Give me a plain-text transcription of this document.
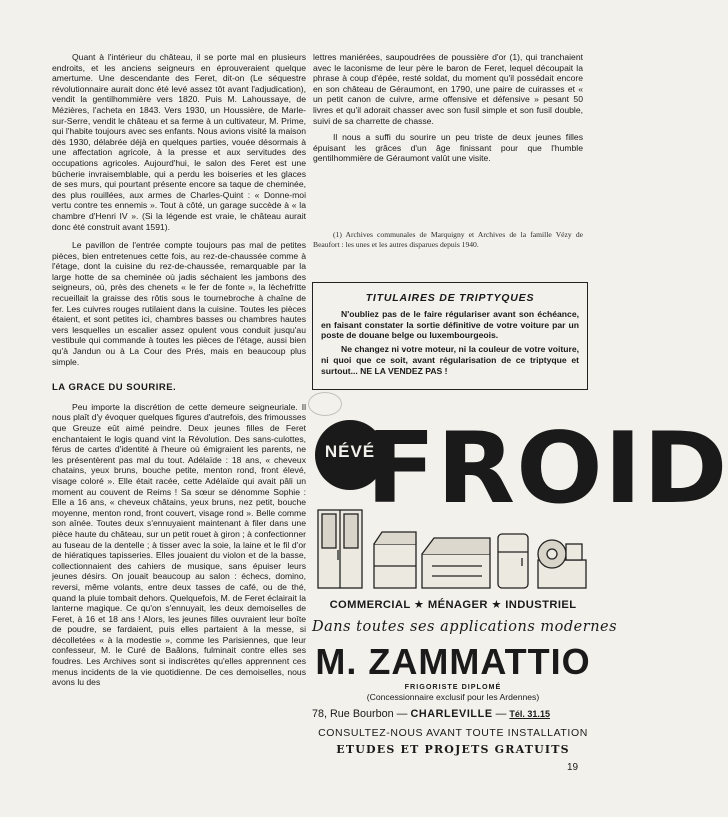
Quant à l'intérieur du château, il se porte mal en plusieurs endroits, et les anciens seigneurs en éprouveraient quelque amertume. Une descendante des Feret, dit-on (Le séquestre révolutionnaire aurait donc été levé assez tôt avant l'adjudication), vendit la gentilhommière vers 1820. Puis M. Lahoussaye, de Mézières, l'acheta en 1843. Vers 1930, un Houssière, de Marle-sur-Serre, vendit le château et sa ferme à un cultivateur, M. Prime, qui l'habite toujours avec ses enfants. Nous avions visité la maison dès 1930, délabrée déjà en quelques parties, vouée désormais à une affectation agricole, à la presse et aux servitudes des occupations agricoles. Aujourd'hui, le salon des Feret est une bûcherie invraisemblable, qui a perdu les boiseries et les glaces de ses murs, qui pourtant présente encore sa taque de cheminée, des plus rouillées, aux armes de Charles-Quint : « Donne-moi vertu contre tes ennemis ». Tout à côté, un garage succède à « la chambre d'Henri IV ». (Si la légende est vraie, le château aurait donc été construit avant 1591).

Le pavillon de l'entrée compte toujours pas mal de petites pièces, bien entretenues cette fois, au rez-de-chaussée comme à l'étage, dont la cuisine du rez-de-chaussée, remarquable par la large hotte de sa cheminée où jadis séchaient les jambons des seigneurs, où, près des chenets « le fer de fonte », la lèchefritte recueillait la graisse des rôtis sous le tournebroche à chaîne de fer. Les cuivres rouges rutilaient dans la cuisine. Toutes les pièces étaient, et sont petites ici, chambres basses ou chambres hautes vers lesquelles un escalier assez opulent vous conduit jusqu'au vestibule qui commande à toutes les pièces de l'étage, aussi bien qu'à Jandun ou à La Cour des Prés, mais en beaucoup plus simple.

LA GRACE DU SOURIRE.

Peu importe la discrétion de cette demeure seigneuriale. Il nous plaît d'y évoquer quelques figures d'autrefois, des frimousses que Greuze eût aimé peindre. Deux jeunes filles de Feret enchantaient le logis quand vint la Révolution. Des sans-culottes, férus de cartes d'identité à l'heure où émigraient les parents, ne les présentèrent pas mal du tout. Adélaïde : 18 ans, « cheveux chatains, yeux bruns, bouche petite, menton rond, front élevé, visage coloré ». Elle était racée, cette Adélaïde qui avait pâli un moment au couvent de Reims ! Sa sœur se dénomme Sophie : Elle a 16 ans, « cheveux châtains, yeux bruns, nez petit, bouche moyenne, menton rond, front couvert, visage rond ». Belle comme son aînée. Toutes deux s'ennuyaient maintenant à filer dans une pièce haute du château, sur un petit rouet à giron ; à confectionner au fuseau de la dentelle ; à tisser avec la soie, la laine et le fil d'or de hiératiques tapisseries. Elles jouaient du violon et de la basse, collectionnaient des cahiers de musique, sans épuiser leurs jeunes désirs. On jouait beaucoup au salon : échecs, domino, reversi, même volants, entre deux tasses de café, ou de thé, quand la pluie tombait dehors. Quelquefois, M. de Feret éclairait la lanterne magique. Ce qu'on s'ennuyait, les deux demoiselles de Feret, à 16 et 18 ans ! Alors, les jeunes filles ouvraient leur boîte de poudre, se fardaient, puis elles partaient à la messe, si décolletées « à la modestie », comme les Parisiennes, que leur confesseur, M. le Curé de Baâlons, fulminait contre elles ses foudres. Les Archives sont si indiscrètes qu'elles apprennent ces menus incidents de la vie quotidienne. De ces demoiselles, nous avons lu des

lettres maniérées, saupoudrées de poussière d'or (1), qui tranchaient avec le laconisme de leur père le baron de Feret, lequel découpait la phrase à coup d'épée, resté soldat, du moment qu'il possédait encore en son château de Géraumont, en 1790, une paire de cuirasses et « un petit canon de cuivre, arme offensive et défensive » pesant 50 livres et qu'il adorait chasser avec son fusil simple et son fusil double, suivi de sa charrette de chasse.

Il nous a suffi du sourire un peu triste de deux jeunes filles épuisant les grâces d'un âge finissant pour que l'humble gentilhommière de Géraumont valût une visite.

(1) Archives communales de Marquigny et Archives de la famille Vézy de Beaufort : les unes et les autres disparues depuis 1940.

TITULAIRES DE TRIPTYQUES

N'oubliez pas de le faire régulariser avant son échéance, en faisant constater la sortie définitive de votre voiture par un poste de douane belge ou luxembourgeois.

Ne changez ni votre moteur, ni la couleur de votre voiture, ni quoi que ce soit, avant régularisation de ce triptyque et surtout... NE LA VENDEZ PAS !

NÉVÉ
FROID
COMMERCIAL ★ MÉNAGER ★ INDUSTRIEL
Dans toutes ses applications modernes
M. ZAMMATTIO
FRIGORISTE DIPLOMÉ
(Concessionnaire exclusif pour les Ardennes)
78, Rue Bourbon — CHARLEVILLE — Tél. 31.15
CONSULTEZ-NOUS AVANT TOUTE INSTALLATION
ETUDES ET PROJETS GRATUITS
19
